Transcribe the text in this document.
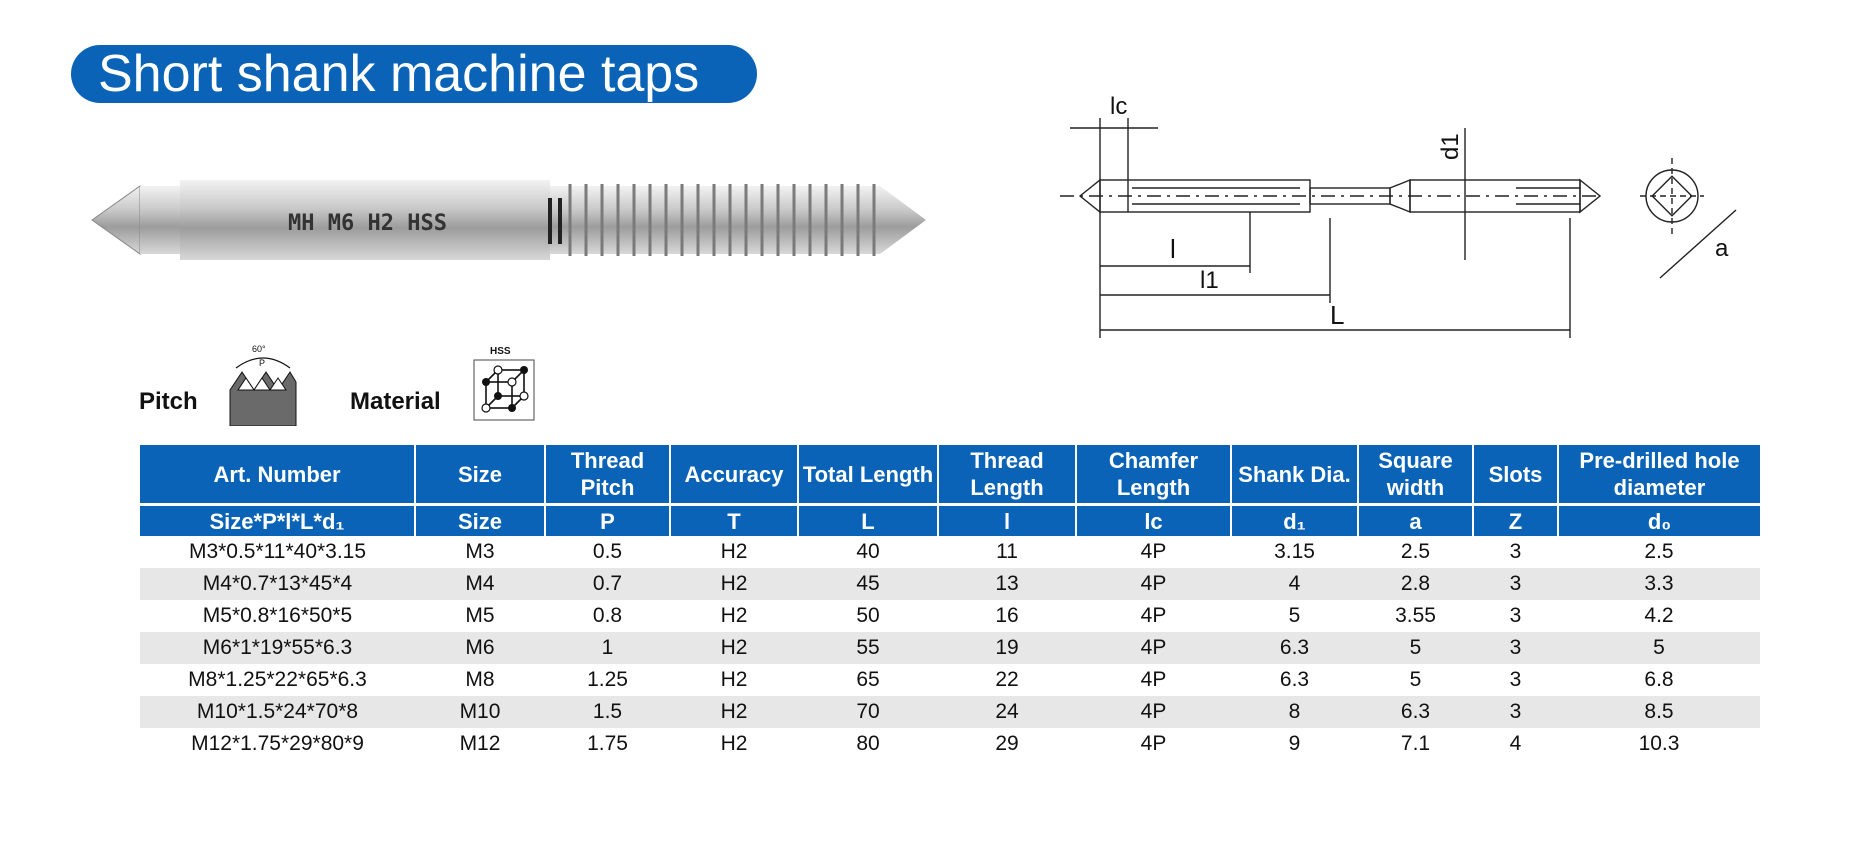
Short shank machine taps
MH M6 H2 HSS
lc
l
l1
L
d1
a
Pitch
60°
P
Material
HSS
Art. Number	Size	Thread Pitch	Accuracy	Total Length	Thread Length	Chamfer Length	Shank Dia.	Square width	Slots	Pre-drilled hole diameter
Size*P*l*L*d₁	Size	P	T	L	l	lc	d₁	a	Z	d₀
M3*0.5*11*40*3.15	M3	0.5	H2	40	11	4P	3.15	2.5	3	2.5
M4*0.7*13*45*4	M4	0.7	H2	45	13	4P	4	2.8	3	3.3
M5*0.8*16*50*5	M5	0.8	H2	50	16	4P	5	3.55	3	4.2
M6*1*19*55*6.3	M6	1	H2	55	19	4P	6.3	5	3	5
M8*1.25*22*65*6.3	M8	1.25	H2	65	22	4P	6.3	5	3	6.8
M10*1.5*24*70*8	M10	1.5	H2	70	24	4P	8	6.3	3	8.5
M12*1.75*29*80*9	M12	1.75	H2	80	29	4P	9	7.1	4	10.3
